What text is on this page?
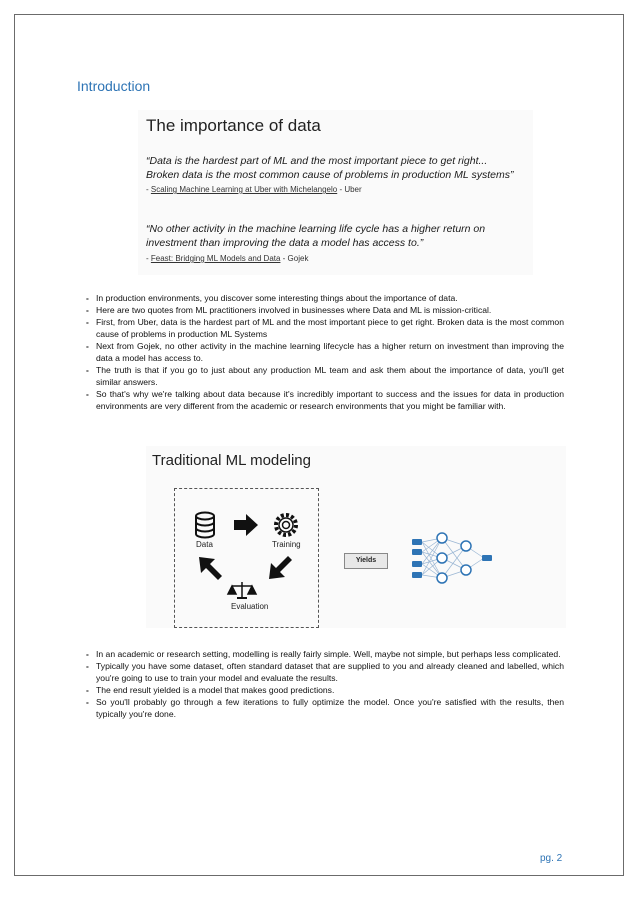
Introduction
The importance of data
“Data is the hardest part of ML and the most important piece to get right...
Broken data is the most common cause of problems in production ML systems”
- Scaling Machine Learning at Uber with Michelangelo - Uber
“No other activity in the machine learning life cycle has a higher return on
investment than improving the data a model has access to.”
- Feast: Bridging ML Models and Data - Gojek
- In production environments, you discover some interesting things about the importance of data.
- Here are two quotes from ML practitioners involved in businesses where Data and ML is mission-critical.
- First, from Uber, data is the hardest part of ML and the most important piece to get right. Broken data is the most common cause of problems in production ML Systems
- Next from Gojek, no other activity in the machine learning lifecycle has a higher return on investment than improving the data a model has access to.
- The truth is that if you go to just about any production ML team and ask them about the importance of data, you'll get similar answers.
- So that's why we're talking about data because it's incredibly important to success and the issues for data in production environments are very different from the academic or research environments that you might be familiar with.
Traditional ML modeling
Data	Training
Evaluation
Yields
- In an academic or research setting, modelling is really fairly simple. Well, maybe not simple, but perhaps less complicated.
- Typically you have some dataset, often standard dataset that are supplied to you and already cleaned and labelled, which you're going to use to train your model and evaluate the results.
- The end result yielded is a model that makes good predictions.
- So you'll probably go through a few iterations to fully optimize the model. Once you're satisfied with the results, then typically you're done.
pg. 2
